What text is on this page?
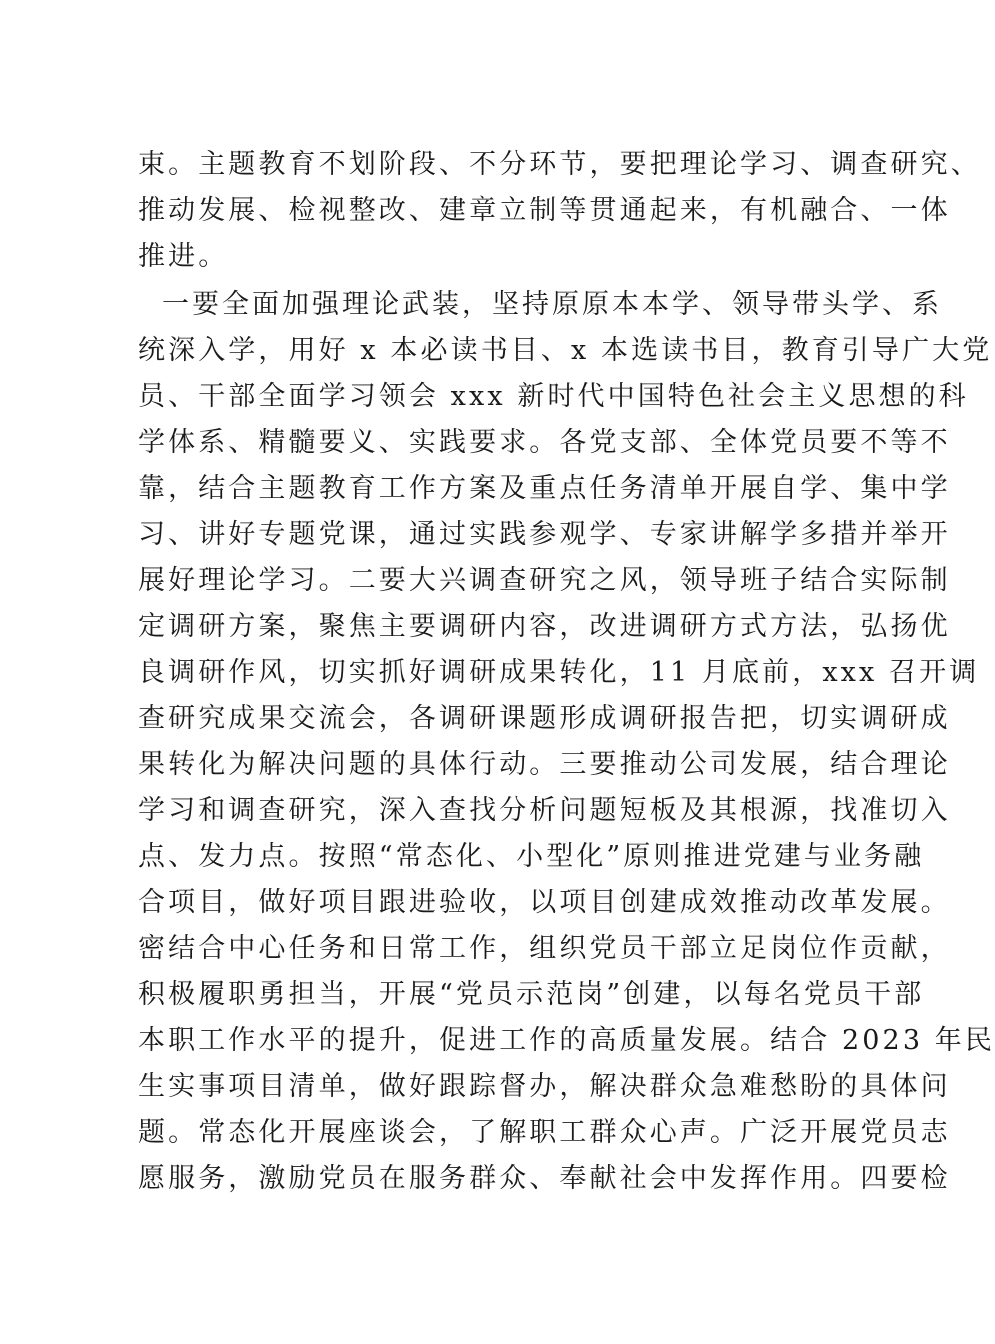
束。主题教育不划阶段、不分环节，要把理论学习、调查研究、
推动发展、检视整改、建章立制等贯通起来，有机融合、一体
推进。
一要全面加强理论武装，坚持原原本本学、领导带头学、系
统深入学，用好 x 本必读书目、x 本选读书目，教育引导广大党
员、干部全面学习领会 xxx 新时代中国特色社会主义思想的科
学体系、精髓要义、实践要求。各党支部、全体党员要不等不
靠，结合主题教育工作方案及重点任务清单开展自学、集中学
习、讲好专题党课，通过实践参观学、专家讲解学多措并举开
展好理论学习。二要大兴调查研究之风，领导班子结合实际制
定调研方案，聚焦主要调研内容，改进调研方式方法，弘扬优
良调研作风，切实抓好调研成果转化，11 月底前，xxx 召开调
查研究成果交流会，各调研课题形成调研报告把，切实调研成
果转化为解决问题的具体行动。三要推动公司发展，结合理论
学习和调查研究，深入查找分析问题短板及其根源，找准切入
点、发力点。按照“常态化、小型化”原则推进党建与业务融
合项目，做好项目跟进验收，以项目创建成效推动改革发展。
密结合中心任务和日常工作，组织党员干部立足岗位作贡献，
积极履职勇担当，开展“党员示范岗”创建，以每名党员干部
本职工作水平的提升，促进工作的高质量发展。结合 2023 年民
生实事项目清单，做好跟踪督办，解决群众急难愁盼的具体问
题。常态化开展座谈会，了解职工群众心声。广泛开展党员志
愿服务，激励党员在服务群众、奉献社会中发挥作用。四要检
